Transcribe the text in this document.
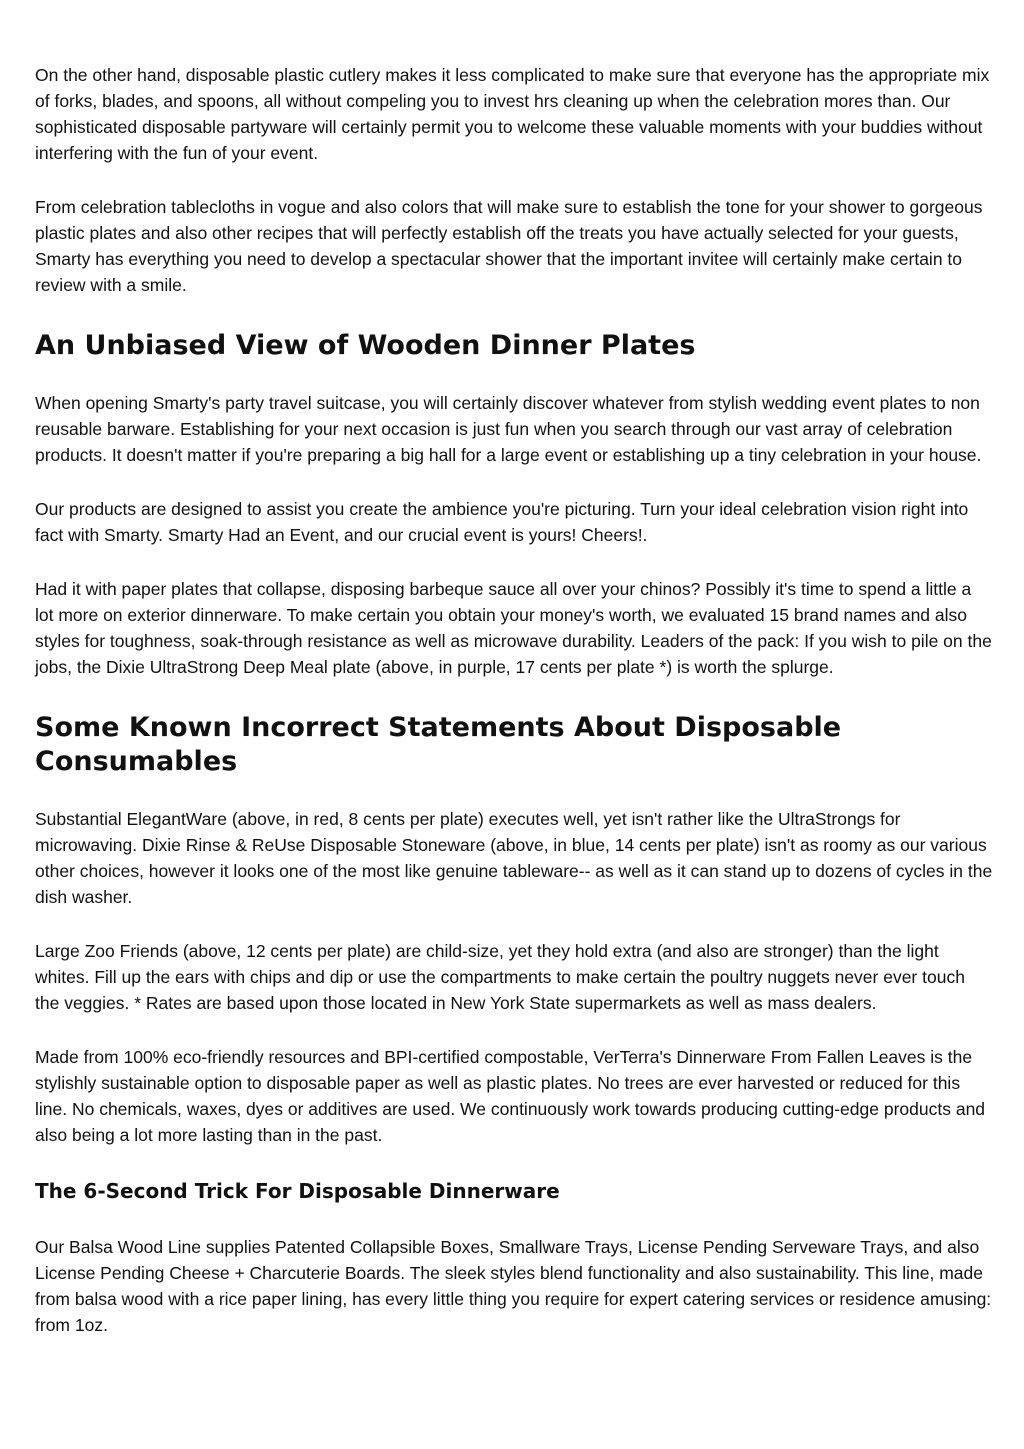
On the other hand, disposable plastic cutlery makes it less complicated to make sure that everyone has the appropriate mix of forks, blades, and spoons, all without compeling you to invest hrs cleaning up when the celebration mores than. Our sophisticated disposable partyware will certainly permit you to welcome these valuable moments with your buddies without interfering with the fun of your event.

From celebration tablecloths in vogue and also colors that will make sure to establish the tone for your shower to gorgeous plastic plates and also other recipes that will perfectly establish off the treats you have actually selected for your guests, Smarty has everything you need to develop a spectacular shower that the important invitee will certainly make certain to review with a smile.

An Unbiased View of Wooden Dinner Plates

When opening Smarty's party travel suitcase, you will certainly discover whatever from stylish wedding event plates to non reusable barware. Establishing for your next occasion is just fun when you search through our vast array of celebration products. It doesn't matter if you're preparing a big hall for a large event or establishing up a tiny celebration in your house.

Our products are designed to assist you create the ambience you're picturing. Turn your ideal celebration vision right into fact with Smarty. Smarty Had an Event, and our crucial event is yours! Cheers!.

Had it with paper plates that collapse, disposing barbeque sauce all over your chinos? Possibly it's time to spend a little a lot more on exterior dinnerware. To make certain you obtain your money's worth, we evaluated 15 brand names and also styles for toughness, soak-through resistance as well as microwave durability. Leaders of the pack: If you wish to pile on the jobs, the Dixie UltraStrong Deep Meal plate (above, in purple, 17 cents per plate *) is worth the splurge.

Some Known Incorrect Statements About Disposable Consumables

Substantial ElegantWare (above, in red, 8 cents per plate) executes well, yet isn't rather like the UltraStrongs for microwaving. Dixie Rinse & ReUse Disposable Stoneware (above, in blue, 14 cents per plate) isn't as roomy as our various other choices, however it looks one of the most like genuine tableware-- as well as it can stand up to dozens of cycles in the dish washer.

Large Zoo Friends (above, 12 cents per plate) are child-size, yet they hold extra (and also are stronger) than the light whites. Fill up the ears with chips and dip or use the compartments to make certain the poultry nuggets never ever touch the veggies. * Rates are based upon those located in New York State supermarkets as well as mass dealers.

Made from 100% eco-friendly resources and BPI-certified compostable, VerTerra's Dinnerware From Fallen Leaves is the stylishly sustainable option to disposable paper as well as plastic plates. No trees are ever harvested or reduced for this line. No chemicals, waxes, dyes or additives are used. We continuously work towards producing cutting-edge products and also being a lot more lasting than in the past.

The 6-Second Trick For Disposable Dinnerware

Our Balsa Wood Line supplies Patented Collapsible Boxes, Smallware Trays, License Pending Serveware Trays, and also License Pending Cheese + Charcuterie Boards. The sleek styles blend functionality and also sustainability. This line, made from balsa wood with a rice paper lining, has every little thing you require for expert catering services or residence amusing: from 1oz.
